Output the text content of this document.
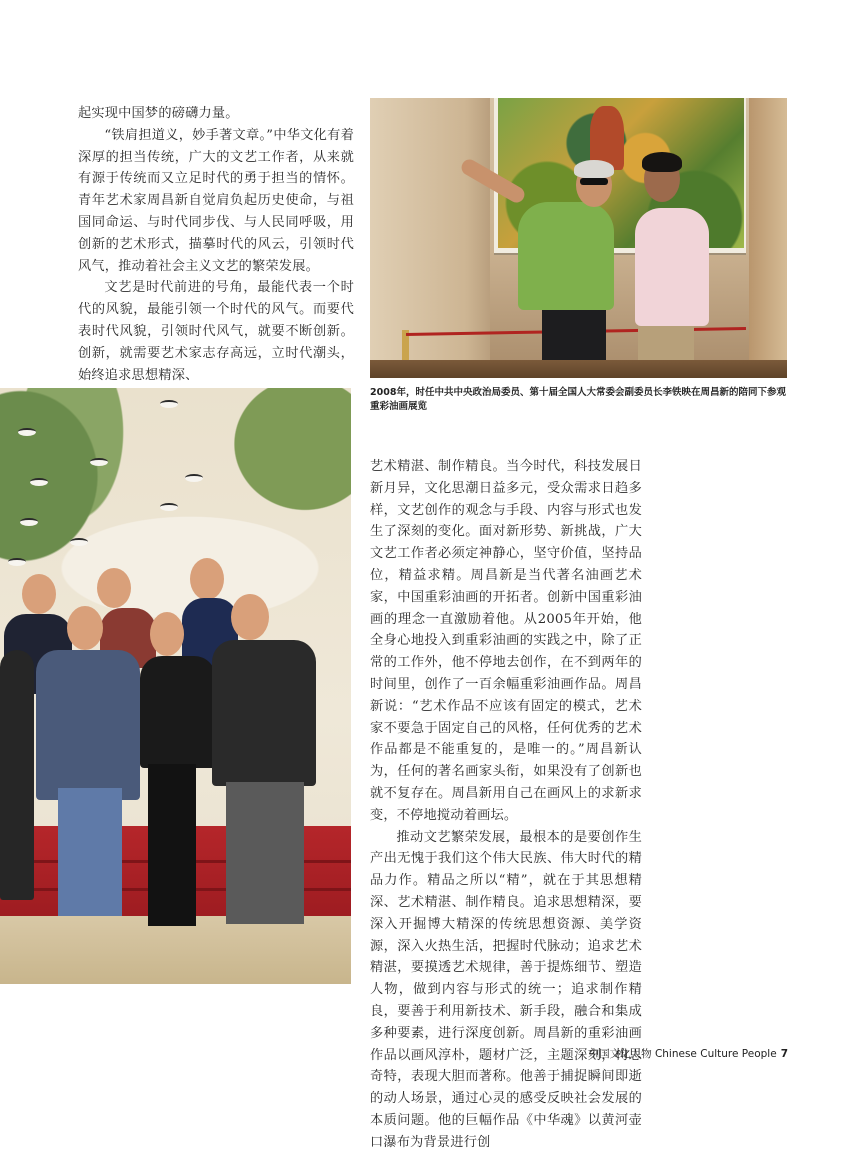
起实现中国梦的磅礴力量。

“铁肩担道义，妙手著文章。”中华文化有着深厚的担当传统，广大的文艺工作者，从来就有源于传统而又立足时代的勇于担当的情怀。青年艺术家周昌新自觉肩负起历史使命，与祖国同命运、与时代同步伐、与人民同呼吸，用创新的艺术形式，描摹时代的风云，引领时代风气，推动着社会主义文艺的繁荣发展。

文艺是时代前进的号角，最能代表一个时代的风貌，最能引领一个时代的风气。而要代表时代风貌，引领时代风气，就要不断创新。创新，就需要艺术家志存高远，立时代潮头，始终追求思想精深、

2008年，时任中共中央政治局委员、第十届全国人大常委会副委员长李铁映在周昌新的陪同下参观重彩油画展览

艺术精湛、制作精良。当今时代，科技发展日新月异，文化思潮日益多元，受众需求日趋多样，文艺创作的观念与手段、内容与形式也发生了深刻的变化。面对新形势、新挑战，广大文艺工作者必须定神静心，坚守价值，坚持品位，精益求精。周昌新是当代著名油画艺术家，中国重彩油画的开拓者。创新中国重彩油画的理念一直激励着他。从2005年开始，他全身心地投入到重彩油画的实践之中，除了正常的工作外，他不停地去创作，在不到两年的时间里，创作了一百余幅重彩油画作品。周昌新说：“艺术作品不应该有固定的模式，艺术家不要急于固定自己的风格，任何优秀的艺术作品都是不能重复的，是唯一的。”周昌新认为，任何的著名画家头衔，如果没有了创新也就不复存在。周昌新用自己在画风上的求新求变，不停地搅动着画坛。

推动文艺繁荣发展，最根本的是要创作生产出无愧于我们这个伟大民族、伟大时代的精品力作。精品之所以“精”，就在于其思想精深、艺术精湛、制作精良。追求思想精深，要深入开掘博大精深的传统思想资源、美学资源，深入火热生活，把握时代脉动；追求艺术精湛，要摸透艺术规律，善于提炼细节、塑造人物，做到内容与形式的统一；追求制作精良，要善于利用新技术、新手段，融合和集成多种要素，进行深度创新。周昌新的重彩油画作品以画风淳朴，题材广泛，主题深刻，构思奇特，表现大胆而著称。他善于捕捉瞬间即逝的动人场景，通过心灵的感受反映社会发展的本质问题。他的巨幅作品《中华魂》以黄河壶口瀑布为背景进行创

中国文化人物 Chinese Culture People 7
